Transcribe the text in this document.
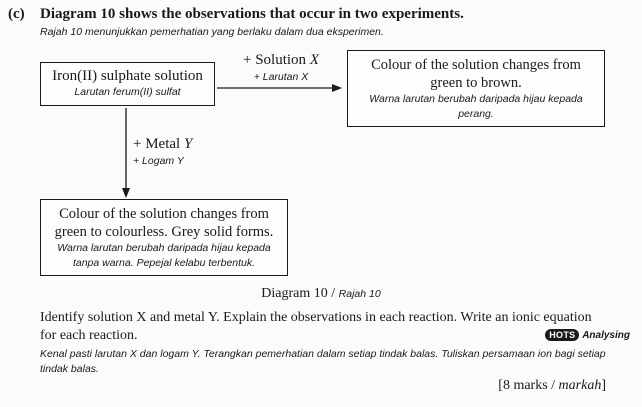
(c) Diagram 10 shows the observations that occur in two experiments.
Rajah 10 menunjukkan pemerhatian yang berlaku dalam dua eksperimen.
Iron(II) sulphate solution
Larutan ferum(II) sulfat
+ Solution X
+ Larutan X
Colour of the solution changes from
green to brown.
Warna larutan berubah daripada hijau kepada
perang.
+ Metal Y
+ Logam Y
Colour of the solution changes from
green to colourless. Grey solid forms.
Warna larutan berubah daripada hijau kepada
tanpa warna. Pepejal kelabu terbentuk.
Diagram 10 / Rajah 10
Identify solution X and metal Y. Explain the observations in each reaction. Write an ionic equation
for each reaction.	HOTS Analysing
Kenal pasti larutan X dan logam Y. Terangkan pemerhatian dalam setiap tindak balas. Tuliskan persamaan ion bagi setiap
tindak balas.
[8 marks / markah]
